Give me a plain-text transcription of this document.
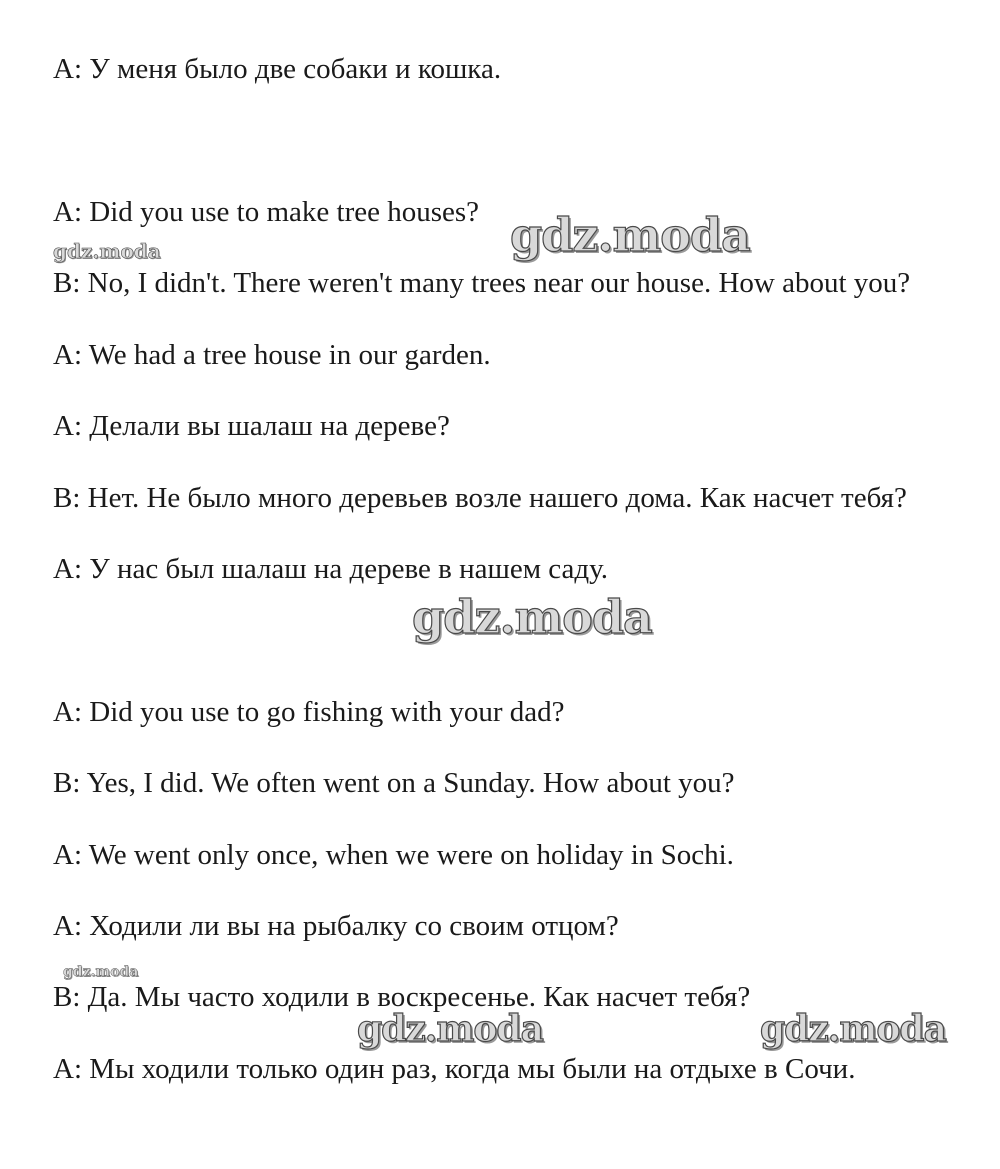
A: У меня было две собаки и кошка.
A: Did you use to make tree houses?
B: No, I didn't. There weren't many trees near our house. How about you?
A: We had a tree house in our garden.
A: Делали вы шалаш на дереве?
B: Нет. Не было много деревьев возле нашего дома. Как насчет тебя?
A: У нас был шалаш на дереве в нашем саду.
A: Did you use to go fishing with your dad?
B: Yes, I did. We often went on a Sunday. How about you?
A: We went only once, when we were on holiday in Sochi.
A: Ходили ли вы на рыбалку со своим отцом?
B: Да. Мы часто ходили в воскресенье. Как насчет тебя?
A: Мы ходили только один раз, когда мы были на отдыхе в Сочи.
gdz.moda
gdz.moda
gdz.moda
gdz.moda
gdz.moda	gdz.moda
